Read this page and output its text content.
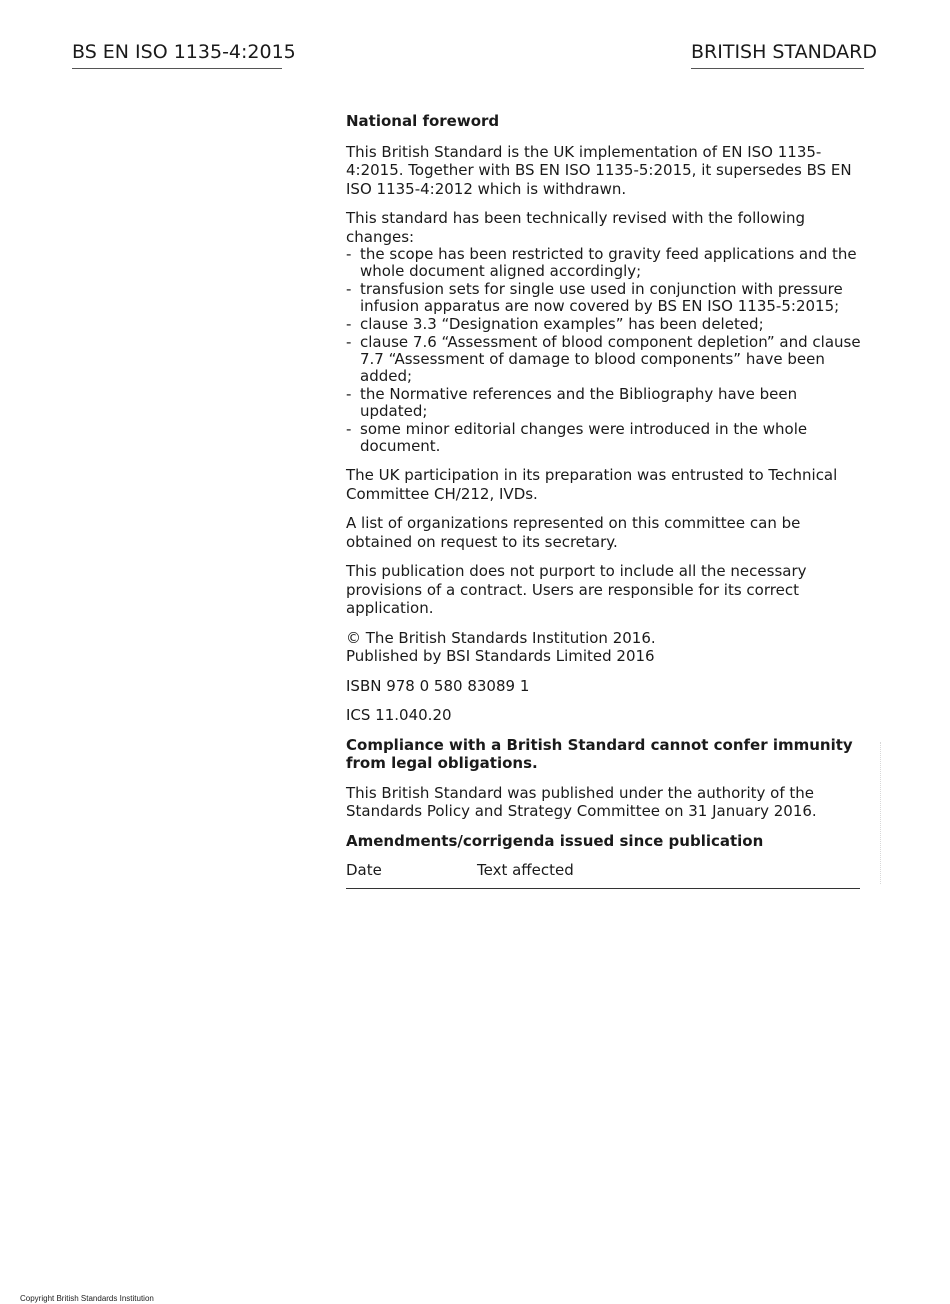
BS EN ISO 1135-4:2015	BRITISH STANDARD
National foreword

This British Standard is the UK implementation of EN ISO 1135-4:2015. Together with BS EN ISO 1135-5:2015, it supersedes BS EN ISO 1135-4:2012 which is withdrawn.

This standard has been technically revised with the following changes:

- the scope has been restricted to gravity feed applications and the whole document aligned accordingly;
- transfusion sets for single use used in conjunction with pressure infusion apparatus are now covered by BS EN ISO 1135-5:2015;
- clause 3.3 “Designation examples” has been deleted;
- clause 7.6 “Assessment of blood component depletion” and clause 7.7 “Assessment of damage to blood components” have been added;
- the Normative references and the Bibliography have been updated;
- some minor editorial changes were introduced in the whole document.

The UK participation in its preparation was entrusted to Technical Committee CH/212, IVDs.

A list of organizations represented on this committee can be obtained on request to its secretary.

This publication does not purport to include all the necessary provisions of a contract. Users are responsible for its correct application.

© The British Standards Institution 2016.
Published by BSI Standards Limited 2016

ISBN 978 0 580 83089 1

ICS 11.040.20

Compliance with a British Standard cannot confer immunity from legal obligations.

This British Standard was published under the authority of the Standards Policy and Strategy Committee on 31 January 2016.

Amendments/corrigenda issued since publication

Date	Text affected
Copyright British Standards Institution
